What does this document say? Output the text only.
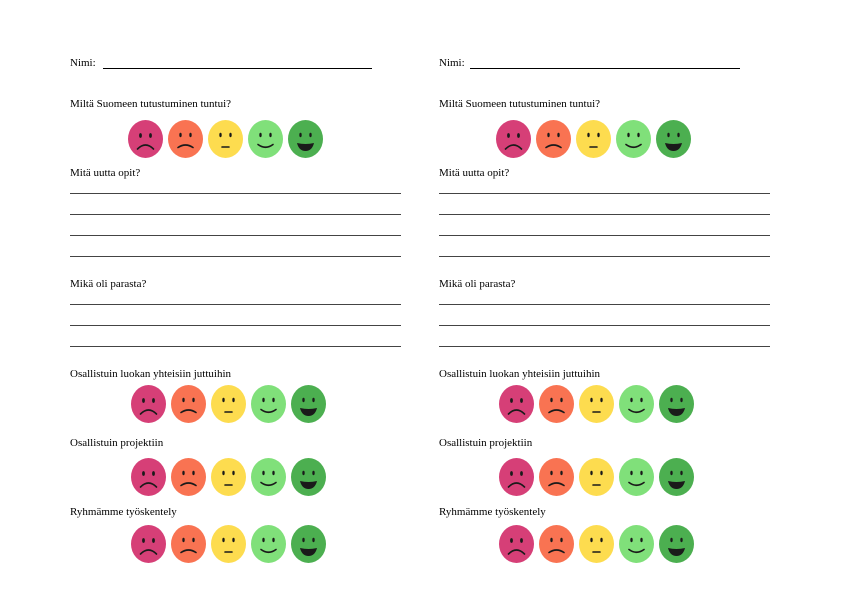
Nimi:
Miltä Suomeen tutustuminen tuntui?
Mitä uutta opit?
Mikä oli parasta?
Osallistuin luokan yhteisiin juttuihin
Osallistuin projektiin
Ryhmämme työskentely
Nimi:
Miltä Suomeen tutustuminen tuntui?
Mitä uutta opit?
Mikä oli parasta?
Osallistuin luokan yhteisiin juttuihin
Osallistuin projektiin
Ryhmämme työskentely
